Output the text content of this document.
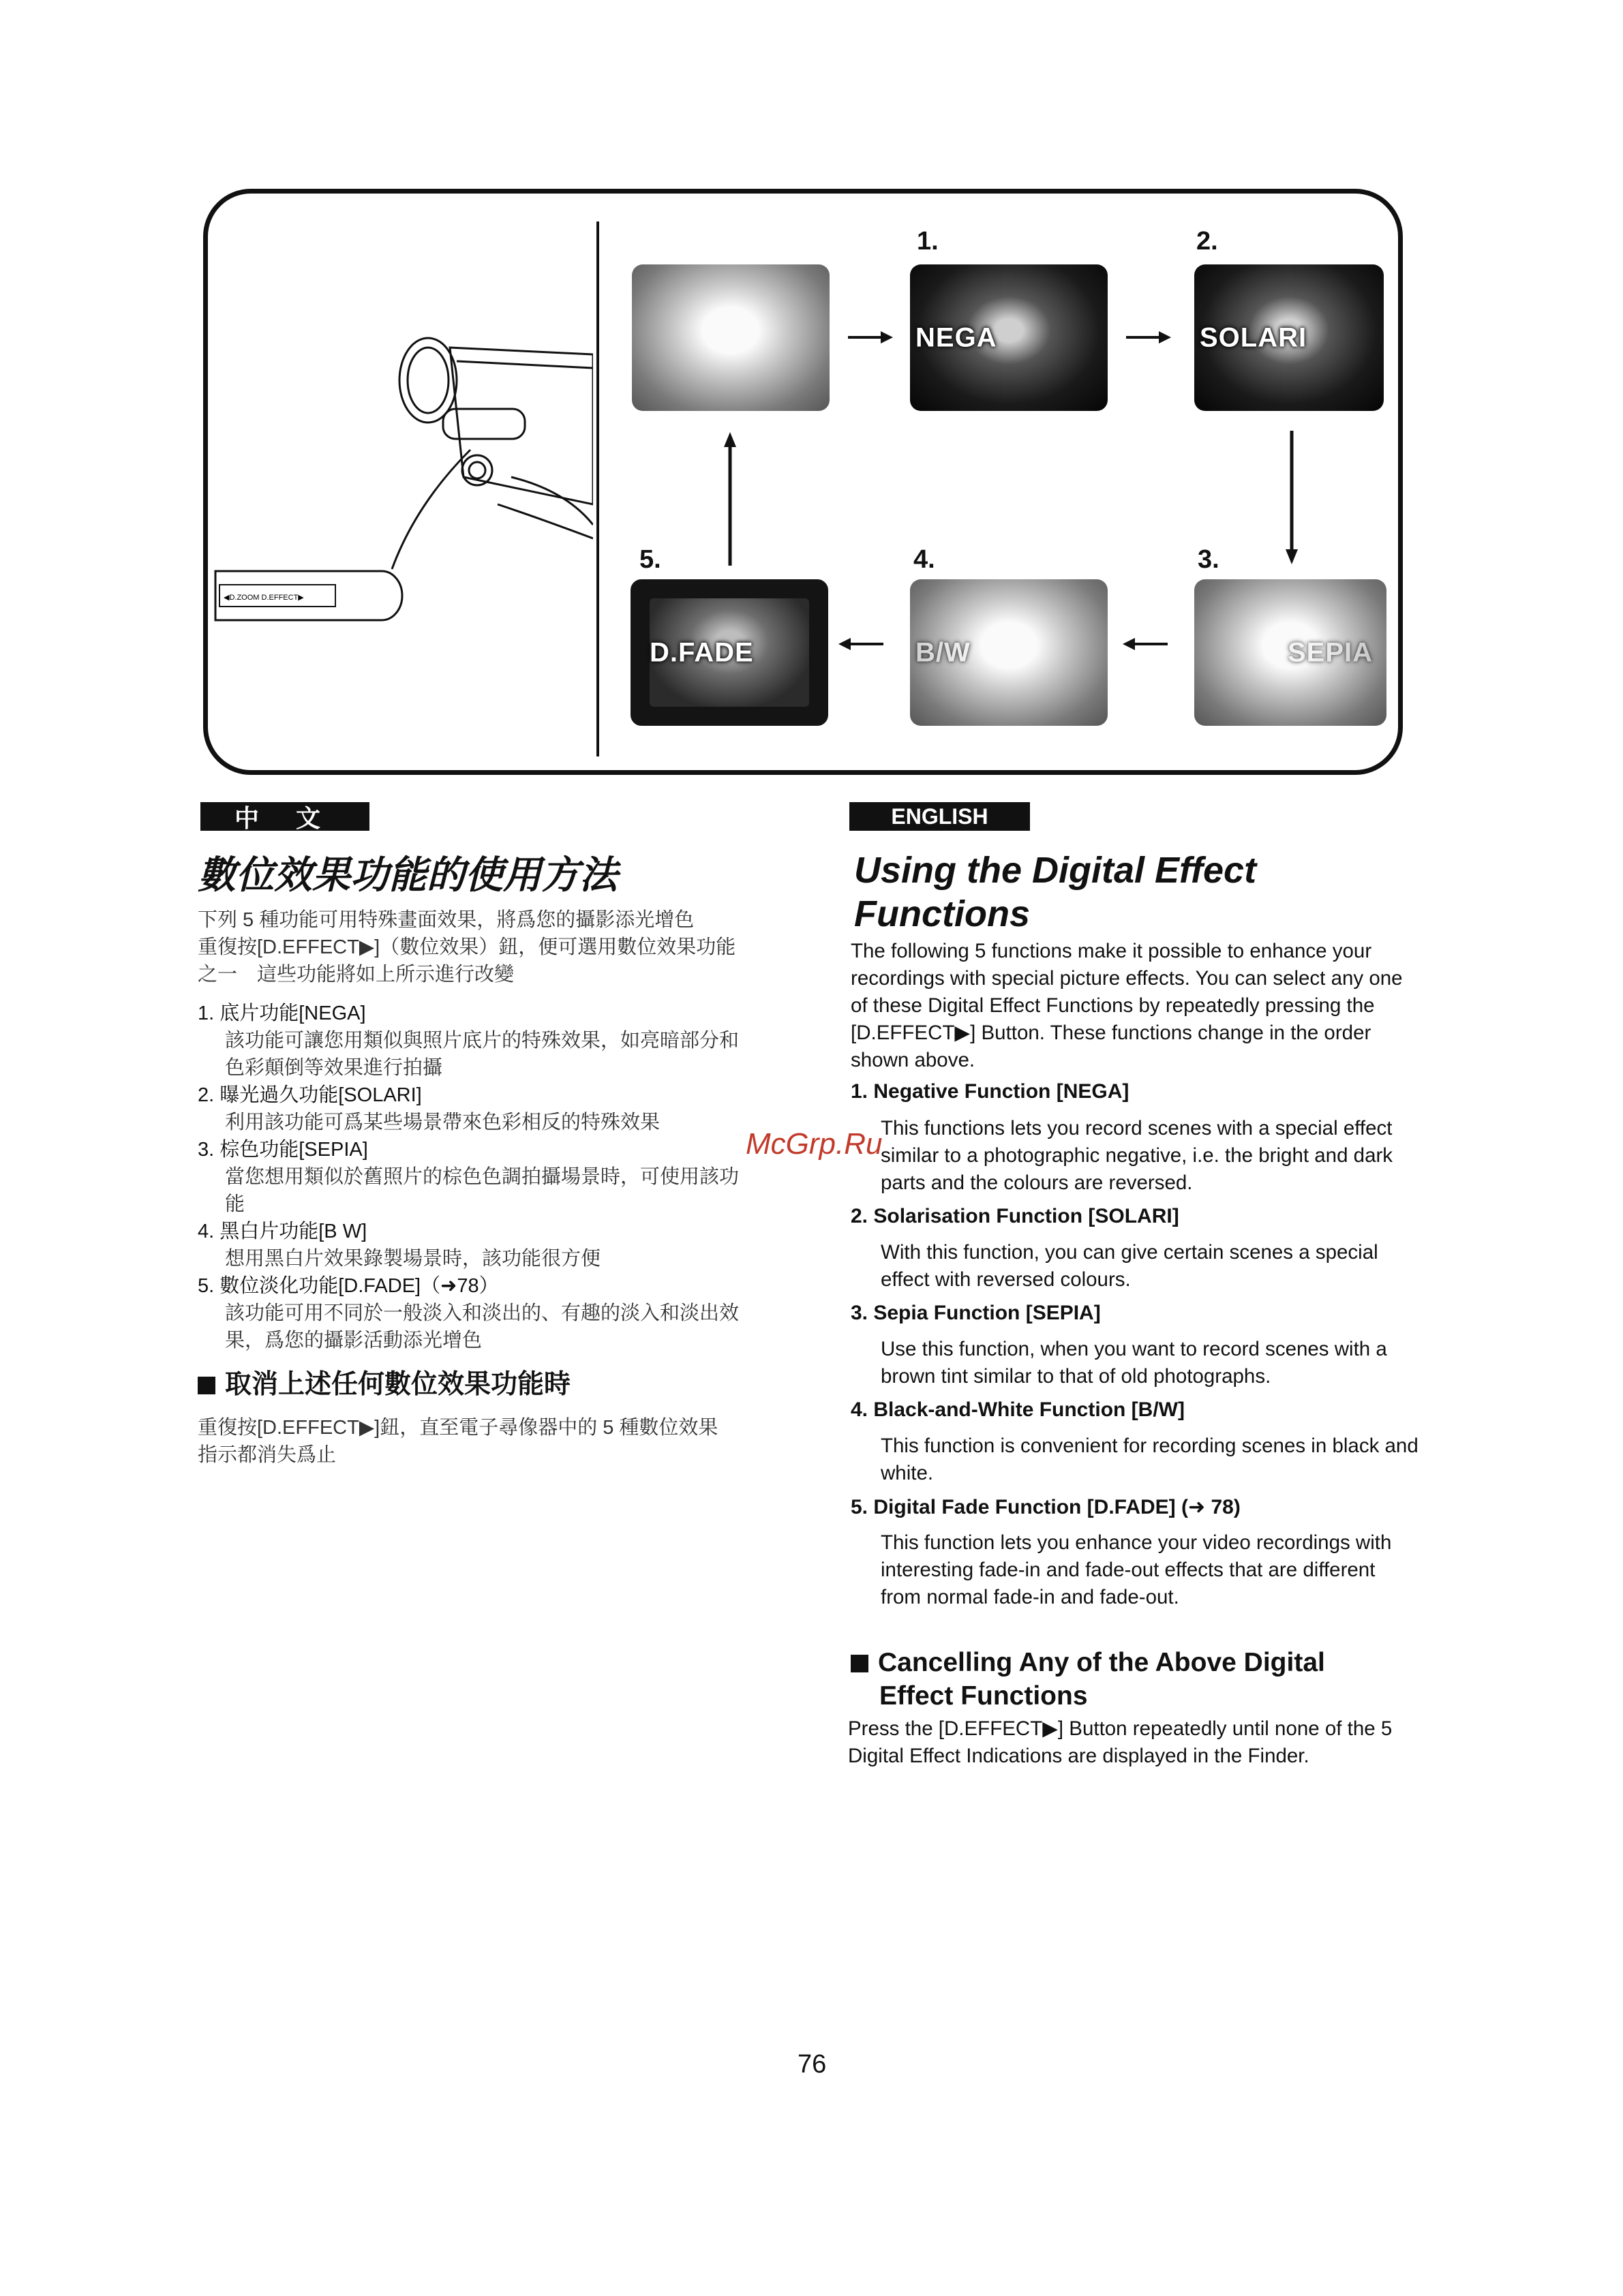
◀D.ZOOM D.EFFECT▶
1.
NEGA
2.
SOLARI
3.
SEPIA
4.
B/W
5.
D.FADE
中 文
數位效果功能的使用方法
下列 5 種功能可用特殊畫面效果，將爲您的攝影添光增色
重復按[D.EFFECT▶]（數位效果）鈕，便可選用數位效果功能
之一　這些功能將如上所示進行改變
1. 底片功能[NEGA]
該功能可讓您用類似與照片底片的特殊效果，如亮暗部分和
色彩顛倒等效果進行拍攝
2. 曝光過久功能[SOLARI]
利用該功能可爲某些場景帶來色彩相反的特殊效果
3. 棕色功能[SEPIA]
當您想用類似於舊照片的棕色色調拍攝場景時，可使用該功
能
4. 黑白片功能[B W]
想用黑白片效果錄製場景時，該功能很方便
5. 數位淡化功能[D.FADE]（➜78）
該功能可用不同於一般淡入和淡出的、有趣的淡入和淡出效
果，爲您的攝影活動添光增色
取消上述任何數位效果功能時
重復按[D.EFFECT▶]鈕，直至電子尋像器中的 5 種數位效果
指示都消失爲止
ENGLISH
Using the Digital Effect
Functions
The following 5 functions make it possible to enhance your recordings with special picture effects. You can select any one of these Digital Effect Functions by repeatedly pressing the [D.EFFECT▶] Button. These functions change in the order shown above.
1. Negative Function [NEGA]
This functions lets you record scenes with a special effect similar to a photographic negative, i.e. the bright and dark parts and the colours are reversed.
2. Solarisation Function [SOLARI]
With this function, you can give certain scenes a special effect with reversed colours.
3. Sepia Function [SEPIA]
Use this function, when you want to record scenes with a brown tint similar to that of old photographs.
4. Black-and-White Function [B/W]
This function is convenient for recording scenes in black and white.
5. Digital Fade Function [D.FADE] (➜ 78)
This function lets you enhance your video recordings with interesting fade-in and fade-out effects that are different from normal fade-in and fade-out.
Cancelling Any of the Above Digital
Effect Functions
Press the [D.EFFECT▶] Button repeatedly until none of the 5 Digital Effect Indications are displayed in the Finder.
McGrp.Ru
76
